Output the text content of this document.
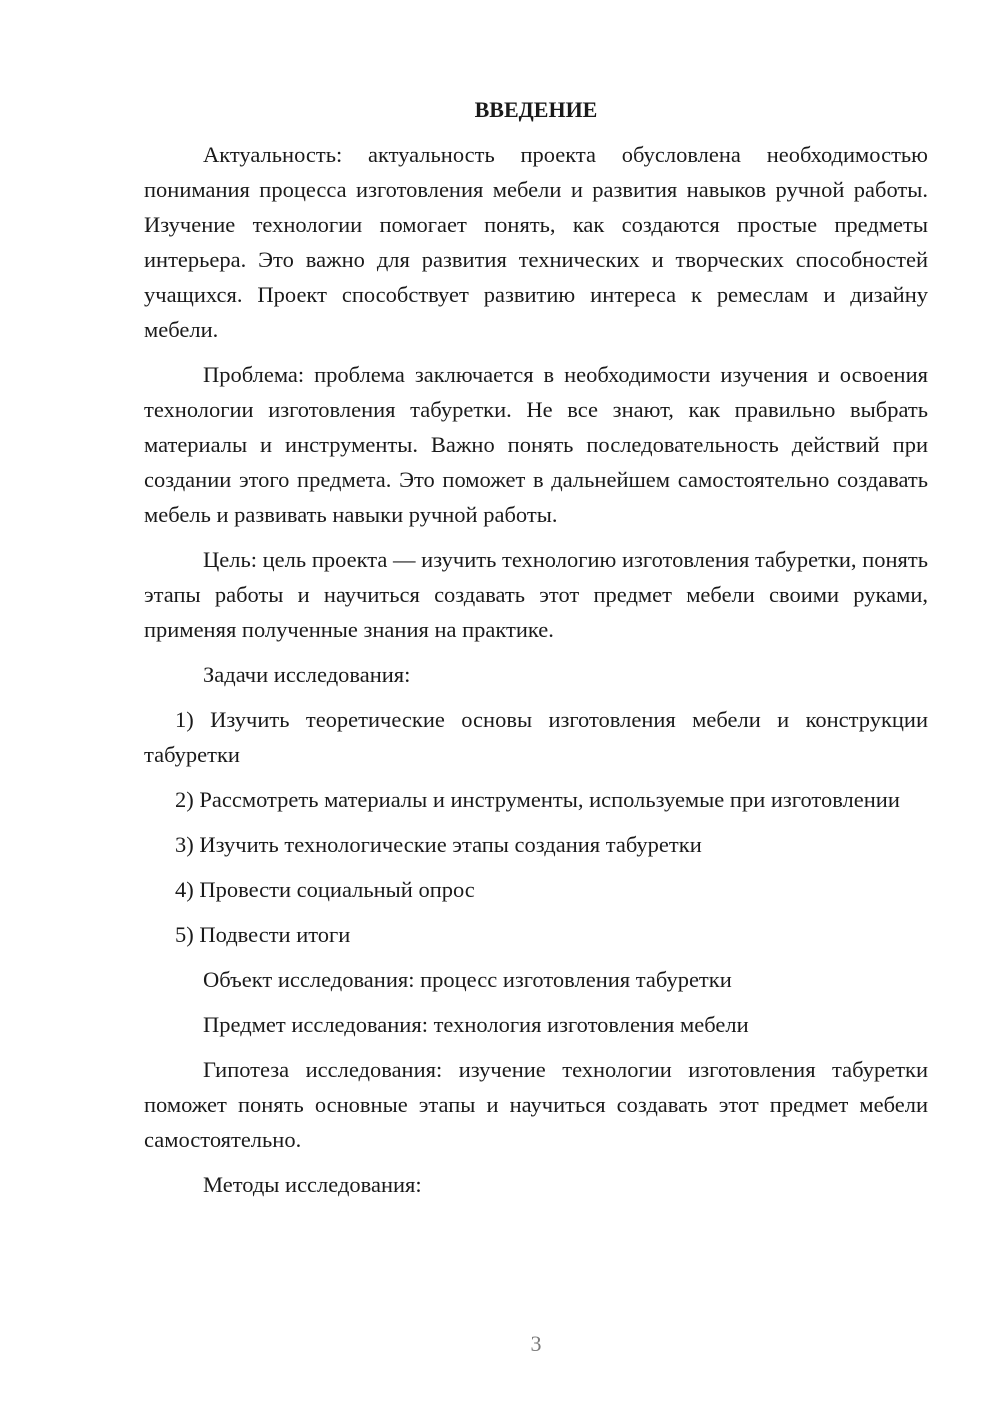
ВВЕДЕНИЕ

Актуальность: актуальность проекта обусловлена необходимостью понимания процесса изготовления мебели и развития навыков ручной работы. Изучение технологии помогает понять, как создаются простые предметы интерьера. Это важно для развития технических и творческих способностей учащихся. Проект способствует развитию интереса к ремеслам и дизайну мебели.

Проблема: проблема заключается в необходимости изучения и освоения технологии изготовления табуретки. Не все знают, как правильно выбрать материалы и инструменты. Важно понять последовательность действий при создании этого предмета. Это поможет в дальнейшем самостоятельно создавать мебель и развивать навыки ручной работы.

Цель: цель проекта — изучить технологию изготовления табуретки, понять этапы работы и научиться создавать этот предмет мебели своими руками, применяя полученные знания на практике.

Задачи исследования:

1) Изучить теоретические основы изготовления мебели и конструкции табуретки

2) Рассмотреть материалы и инструменты, используемые при изготовлении

3) Изучить технологические этапы создания табуретки

4) Провести социальный опрос

5) Подвести итоги

Объект исследования: процесс изготовления табуретки

Предмет исследования: технология изготовления мебели

Гипотеза исследования: изучение технологии изготовления табуретки поможет понять основные этапы и научиться создавать этот предмет мебели самостоятельно.

Методы исследования:

3
